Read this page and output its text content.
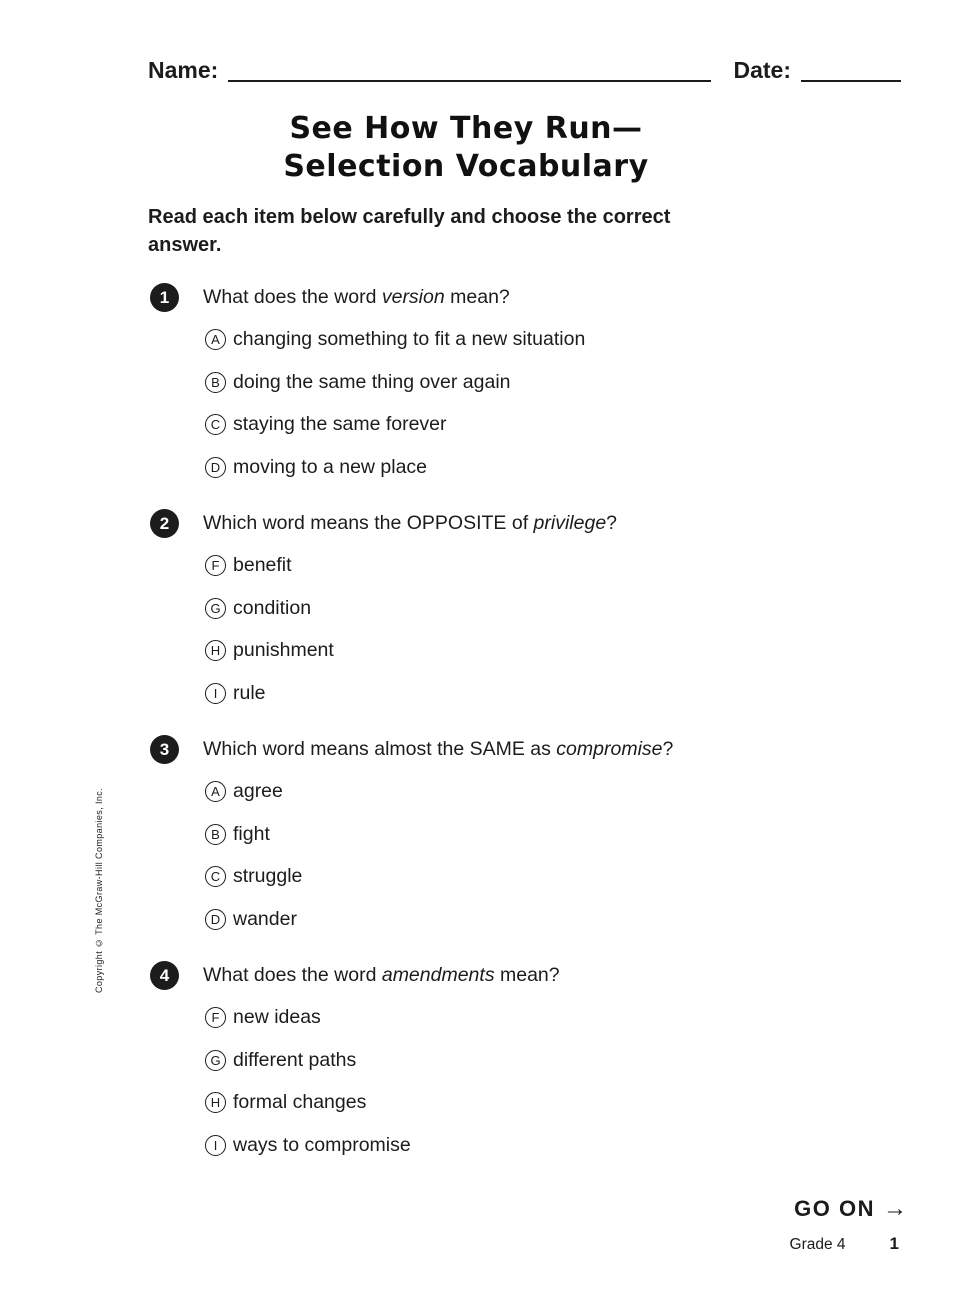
Name:	Date:
See How They Run—
Selection Vocabulary

Read each item below carefully and choose the correct answer.

1	What does the word version mean?
A changing something to fit a new situation
B doing the same thing over again
C staying the same forever
D moving to a new place
2	Which word means the OPPOSITE of privilege?
F benefit
G condition
H punishment
I rule
3	Which word means almost the SAME as compromise?
A agree
B fight
C struggle
D wander
4	What does the word amendments mean?
F new ideas
G different paths
H formal changes
I ways to compromise
Copyright © The McGraw-Hill Companies, Inc.
GO ON →
Grade 4	1
